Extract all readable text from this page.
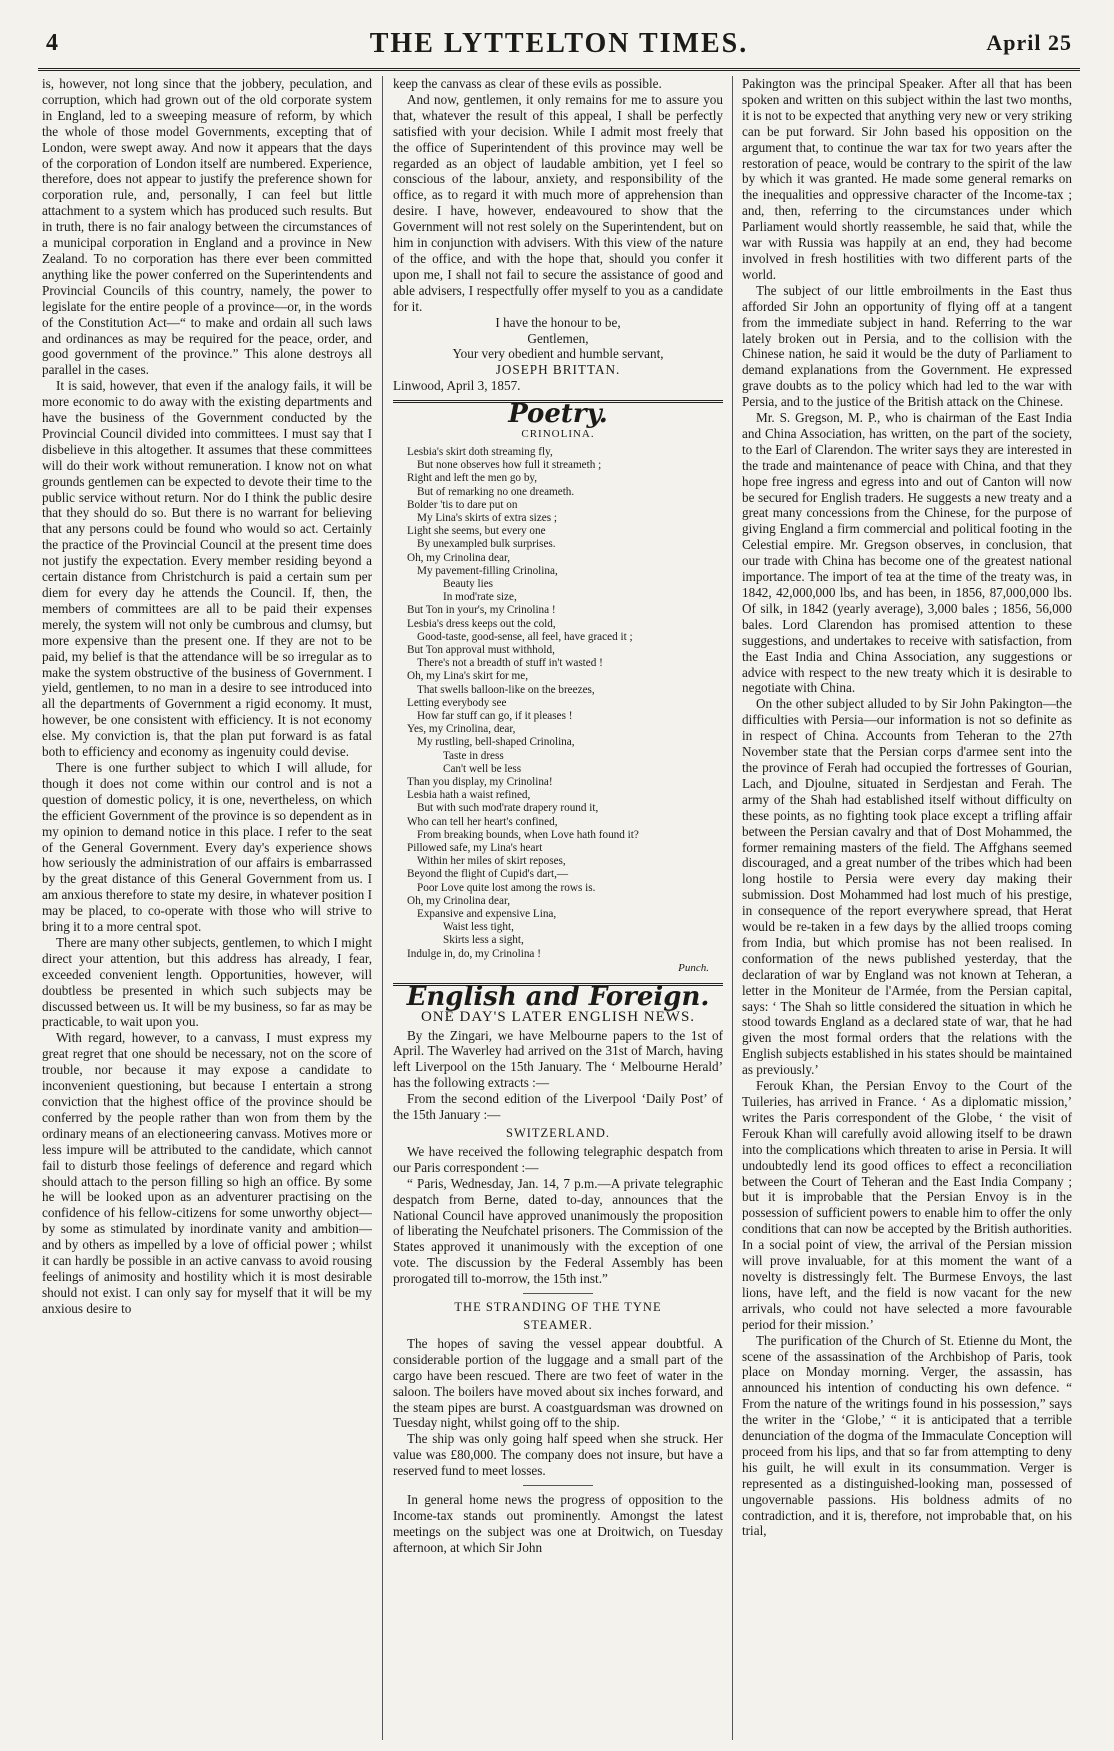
4	THE LYTTELTON TIMES.	April 25

is, however, not long since that the jobbery, peculation, and corruption, which had grown out of the old corporate system in England, led to a sweeping measure of reform, by which the whole of those model Governments, excepting that of London, were swept away. And now it appears that the days of the corporation of London itself are numbered. Experience, therefore, does not appear to justify the preference shown for corporation rule, and, personally, I can feel but little attachment to a system which has produced such results. But in truth, there is no fair analogy between the circumstances of a municipal corporation in England and a province in New Zealand. To no corporation has there ever been committed anything like the power conferred on the Superintendents and Provincial Councils of this country, namely, the power to legislate for the entire people of a province—or, in the words of the Constitution Act—“ to make and ordain all such laws and ordinances as may be required for the peace, order, and good government of the province.” This alone destroys all parallel in the cases.

It is said, however, that even if the analogy fails, it will be more economic to do away with the existing departments and have the business of the Government conducted by the Provincial Council divided into committees. I must say that I disbelieve in this altogether. It assumes that these committees will do their work without remuneration. I know not on what grounds gentlemen can be expected to devote their time to the public service without return. Nor do I think the public desire that they should do so. But there is no warrant for believing that any persons could be found who would so act. Certainly the practice of the Provincial Council at the present time does not justify the expectation. Every member residing beyond a certain distance from Christchurch is paid a certain sum per diem for every day he attends the Council. If, then, the members of committees are all to be paid their expenses merely, the system will not only be cumbrous and clumsy, but more expensive than the present one. If they are not to be paid, my belief is that the attendance will be so irregular as to make the system obstructive of the business of Government. I yield, gentlemen, to no man in a desire to see introduced into all the departments of Government a rigid economy. It must, however, be one consistent with efficiency. It is not economy else. My conviction is, that the plan put forward is as fatal both to efficiency and economy as ingenuity could devise.

There is one further subject to which I will allude, for though it does not come within our control and is not a question of domestic policy, it is one, nevertheless, on which the efficient Government of the province is so dependent as in my opinion to demand notice in this place. I refer to the seat of the General Government. Every day's experience shows how seriously the administration of our affairs is embarrassed by the great distance of this General Government from us. I am anxious therefore to state my desire, in whatever position I may be placed, to co-operate with those who will strive to bring it to a more central spot.

There are many other subjects, gentlemen, to which I might direct your attention, but this address has already, I fear, exceeded convenient length. Opportunities, however, will doubtless be presented in which such subjects may be discussed between us. It will be my business, so far as may be practicable, to wait upon you.

With regard, however, to a canvass, I must express my great regret that one should be necessary, not on the score of trouble, nor because it may expose a candidate to inconvenient questioning, but because I entertain a strong conviction that the highest office of the province should be conferred by the people rather than won from them by the ordinary means of an electioneering canvass. Motives more or less impure will be attributed to the candidate, which cannot fail to disturb those feelings of deference and regard which should attach to the person filling so high an office. By some he will be looked upon as an adventurer practising on the confidence of his fellow-citizens for some unworthy object—by some as stimulated by inordinate vanity and ambition—and by others as impelled by a love of official power ; whilst it can hardly be possible in an active canvass to avoid rousing feelings of animosity and hostility which it is most desirable should not exist. I can only say for myself that it will be my anxious desire to

keep the canvass as clear of these evils as possible.

And now, gentlemen, it only remains for me to assure you that, whatever the result of this appeal, I shall be perfectly satisfied with your decision. While I admit most freely that the office of Superintendent of this province may well be regarded as an object of laudable ambition, yet I feel so conscious of the labour, anxiety, and responsibility of the office, as to regard it with much more of apprehension than desire. I have, however, endeavoured to show that the Government will not rest solely on the Superintendent, but on him in conjunction with advisers. With this view of the nature of the office, and with the hope that, should you confer it upon me, I shall not fail to secure the assistance of good and able advisers, I respectfully offer myself to you as a candidate for it.

I have the honour to be,

Gentlemen,

Your very obedient and humble servant,

JOSEPH BRITTAN.

Linwood, April 3, 1857.

Poetry.
CRINOLINA.
Lesbia's skirt doth streaming fly,
But none observes how full it streameth ;
Right and left the men go by,
But of remarking no one dreameth.
Bolder 'tis to dare put on
My Lina's skirts of extra sizes ;
Light she seems, but every one
By unexampled bulk surprises.
Oh, my Crinolina dear,
My pavement-filling Crinolina,
Beauty lies
In mod'rate size,
But Ton in your's, my Crinolina !
Lesbia's dress keeps out the cold,
Good-taste, good-sense, all feel, have graced it ;
But Ton approval must withhold,
There's not a breadth of stuff in't wasted !
Oh, my Lina's skirt for me,
That swells balloon-like on the breezes,
Letting everybody see
How far stuff can go, if it pleases !
Yes, my Crinolina, dear,
My rustling, bell-shaped Crinolina,
Taste in dress
Can't well be less
Than you display, my Crinolina!
Lesbia hath a waist refined,
But with such mod'rate drapery round it,
Who can tell her heart's confined,
From breaking bounds, when Love hath found it?
Pillowed safe, my Lina's heart
Within her miles of skirt reposes,
Beyond the flight of Cupid's dart,—
Poor Love quite lost among the rows is.
Oh, my Crinolina dear,
Expansive and expensive Lina,
Waist less tight,
Skirts less a sight,
Indulge in, do, my Crinolina !
Punch.
English and Foreign.
ONE DAY'S LATER ENGLISH NEWS.

By the Zingari, we have Melbourne papers to the 1st of April. The Waverley had arrived on the 31st of March, having left Liverpool on the 15th January. The ‘ Melbourne Herald’ has the following extracts :—

From the second edition of the Liverpool ‘Daily Post’ of the 15th January :—

SWITZERLAND.

We have received the following telegraphic despatch from our Paris correspondent :—

“ Paris, Wednesday, Jan. 14, 7 p.m.—A private telegraphic despatch from Berne, dated to-day, announces that the National Council have approved unanimously the proposition of liberating the Neufchatel prisoners. The Commission of the States approved it unanimously with the exception of one vote. The discussion by the Federal Assembly has been prorogated till to-morrow, the 15th inst.”

THE STRANDING OF THE TYNE
STEAMER.

The hopes of saving the vessel appear doubtful. A considerable portion of the luggage and a small part of the cargo have been rescued. There are two feet of water in the saloon. The boilers have moved about six inches forward, and the steam pipes are burst. A coastguardsman was drowned on Tuesday night, whilst going off to the ship.

The ship was only going half speed when she struck. Her value was £80,000. The company does not insure, but have a reserved fund to meet losses.

In general home news the progress of opposition to the Income-tax stands out prominently. Amongst the latest meetings on the subject was one at Droitwich, on Tuesday afternoon, at which Sir John

Pakington was the principal Speaker. After all that has been spoken and written on this subject within the last two months, it is not to be expected that anything very new or very striking can be put forward. Sir John based his opposition on the argument that, to continue the war tax for two years after the restoration of peace, would be contrary to the spirit of the law by which it was granted. He made some general remarks on the inequalities and oppressive character of the Income-tax ; and, then, referring to the circumstances under which Parliament would shortly reassemble, he said that, while the war with Russia was happily at an end, they had become involved in fresh hostilities with two different parts of the world.

The subject of our little embroilments in the East thus afforded Sir John an opportunity of flying off at a tangent from the immediate subject in hand. Referring to the war lately broken out in Persia, and to the collision with the Chinese nation, he said it would be the duty of Parliament to demand explanations from the Government. He expressed grave doubts as to the policy which had led to the war with Persia, and to the justice of the British attack on the Chinese.

Mr. S. Gregson, M. P., who is chairman of the East India and China Association, has written, on the part of the society, to the Earl of Clarendon. The writer says they are interested in the trade and maintenance of peace with China, and that they hope free ingress and egress into and out of Canton will now be secured for English traders. He suggests a new treaty and a great many concessions from the Chinese, for the purpose of giving England a firm commercial and political footing in the Celestial empire. Mr. Gregson observes, in conclusion, that our trade with China has become one of the greatest national importance. The import of tea at the time of the treaty was, in 1842, 42,000,000 lbs, and has been, in 1856, 87,000,000 lbs. Of silk, in 1842 (yearly average), 3,000 bales ; 1856, 56,000 bales. Lord Clarendon has promised attention to these suggestions, and undertakes to receive with satisfaction, from the East India and China Association, any suggestions or advice with respect to the new treaty which it is desirable to negotiate with China.

On the other subject alluded to by Sir John Pakington—the difficulties with Persia—our information is not so definite as in respect of China. Accounts from Teheran to the 27th November state that the Persian corps d'armee sent into the the province of Ferah had occupied the fortresses of Gourian, Lach, and Djoulne, situated in Serdjestan and Ferah. The army of the Shah had established itself without difficulty on these points, as no fighting took place except a trifling affair between the Persian cavalry and that of Dost Mohammed, the former remaining masters of the field. The Affghans seemed discouraged, and a great number of the tribes which had been long hostile to Persia were every day making their submission. Dost Mohammed had lost much of his prestige, in consequence of the report everywhere spread, that Herat would be re-taken in a few days by the allied troops coming from India, but which promise has not been realised. In conformation of the news published yesterday, that the declaration of war by England was not known at Teheran, a letter in the Moniteur de l'Armée, from the Persian capital, says: ‘ The Shah so little considered the situation in which he stood towards England as a declared state of war, that he had given the most formal orders that the relations with the English subjects established in his states should be maintained as previously.’

Ferouk Khan, the Persian Envoy to the Court of the Tuileries, has arrived in France. ‘ As a diplomatic mission,’ writes the Paris correspondent of the Globe, ‘ the visit of Ferouk Khan will carefully avoid allowing itself to be drawn into the complications which threaten to arise in Persia. It will undoubtedly lend its good offices to effect a reconciliation between the Court of Teheran and the East India Company ; but it is improbable that the Persian Envoy is in the possession of sufficient powers to enable him to offer the only conditions that can now be accepted by the British authorities. In a social point of view, the arrival of the Persian mission will prove invaluable, for at this moment the want of a novelty is distressingly felt. The Burmese Envoys, the last lions, have left, and the field is now vacant for the new arrivals, who could not have selected a more favourable period for their mission.’

The purification of the Church of St. Etienne du Mont, the scene of the assassination of the Archbishop of Paris, took place on Monday morning. Verger, the assassin, has announced his intention of conducting his own defence. “ From the nature of the writings found in his possession,” says the writer in the ‘Globe,’ “ it is anticipated that a terrible denunciation of the dogma of the Immaculate Conception will proceed from his lips, and that so far from attempting to deny his guilt, he will exult in its consummation. Verger is represented as a distinguished-looking man, possessed of ungovernable passions. His boldness admits of no contradiction, and it is, therefore, not improbable that, on his trial,
